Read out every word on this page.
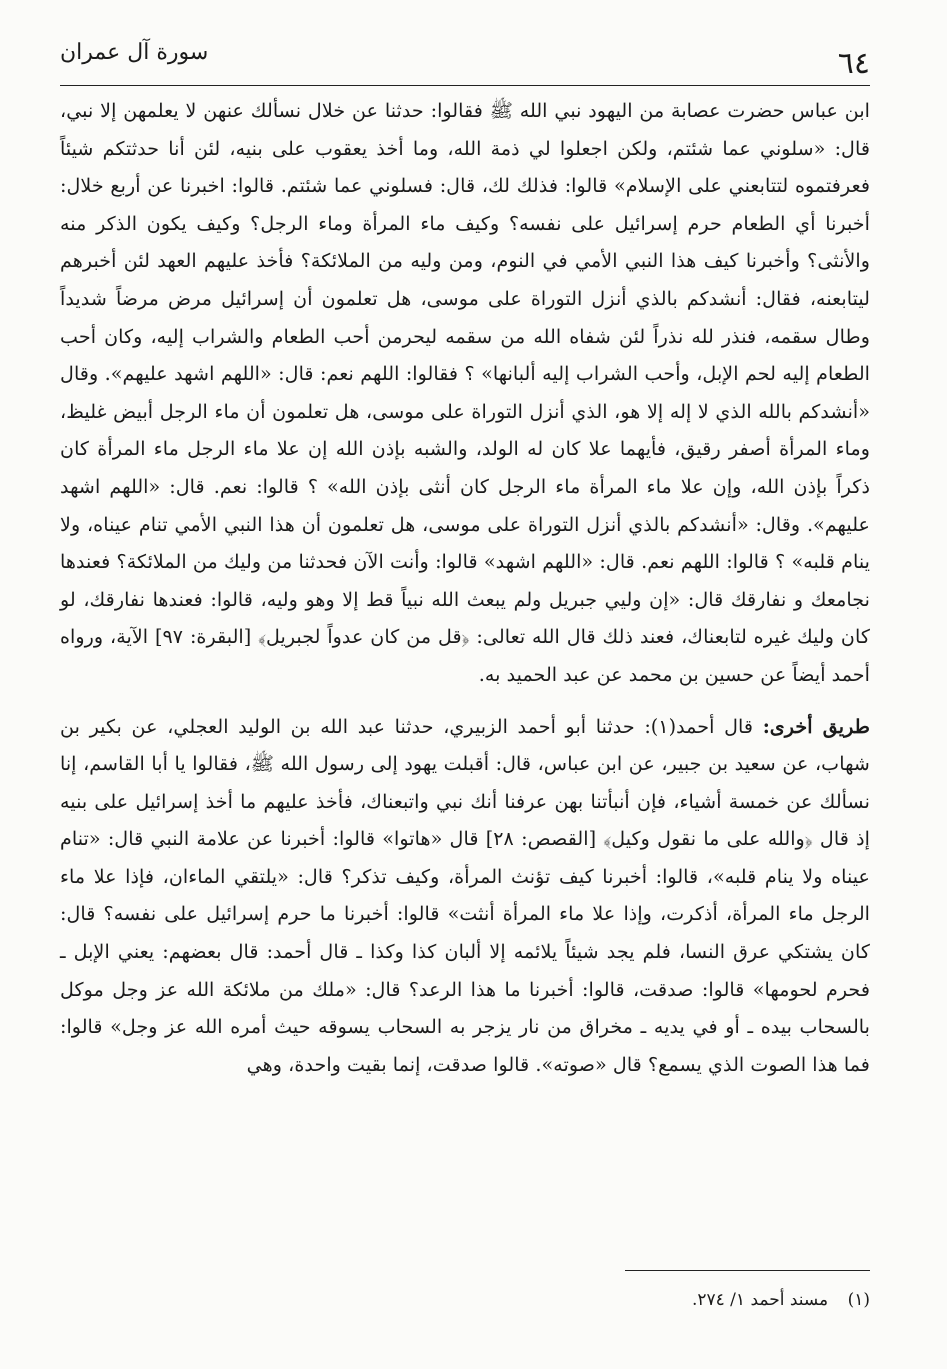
٦٤
سورة آل عمران

ابن عباس حضرت عصابة من اليهود نبي الله ﷺ فقالوا: حدثنا عن خلال نسألك عنهن لا يعلمهن إلا نبي، قال: «سلوني عما شئتم، ولكن اجعلوا لي ذمة الله، وما أخذ يعقوب على بنيه، لئن أنا حدثتكم شيئاً فعرفتموه لتتابعني على الإسلام» قالوا: فذلك لك، قال: فسلوني عما شئتم. قالوا: اخبرنا عن أربع خلال: أخبرنا أي الطعام حرم إسرائيل على نفسه؟ وكيف ماء المرأة وماء الرجل؟ وكيف يكون الذكر منه والأنثى؟ وأخبرنا كيف هذا النبي الأمي في النوم، ومن وليه من الملائكة؟ فأخذ عليهم العهد لئن أخبرهم ليتابعنه، فقال: أنشدكم بالذي أنزل التوراة على موسى، هل تعلمون أن إسرائيل مرض مرضاً شديداً وطال سقمه، فنذر لله نذراً لئن شفاه الله من سقمه ليحرمن أحب الطعام والشراب إليه، وكان أحب الطعام إليه لحم الإبل، وأحب الشراب إليه ألبانها» ؟ فقالوا: اللهم نعم: قال: «اللهم اشهد عليهم». وقال «أنشدكم بالله الذي لا إله إلا هو، الذي أنزل التوراة على موسى، هل تعلمون أن ماء الرجل أبيض غليظ، وماء المرأة أصفر رقيق، فأيهما علا كان له الولد، والشبه بإذن الله إن علا ماء الرجل ماء المرأة كان ذكراً بإذن الله، وإن علا ماء المرأة ماء الرجل كان أنثى بإذن الله» ؟ قالوا: نعم. قال: «اللهم اشهد عليهم». وقال: «أنشدكم بالذي أنزل التوراة على موسى، هل تعلمون أن هذا النبي الأمي تنام عيناه، ولا ينام قلبه» ؟ قالوا: اللهم نعم. قال: «اللهم اشهد» قالوا: وأنت الآن فحدثنا من وليك من الملائكة؟ فعندها نجامعك و نفارقك قال: «إن وليي جبريل ولم يبعث الله نبياً قط إلا وهو وليه، قالوا: فعندها نفارقك، لو كان وليك غيره لتابعناك، فعند ذلك قال الله تعالى: ﴿قل من كان عدواً لجبريل﴾ [البقرة: ٩٧] الآية، ورواه أحمد أيضاً عن حسين بن محمد عن عبد الحميد به.

طريق أخرى: قال أحمد(١): حدثنا أبو أحمد الزبيري، حدثنا عبد الله بن الوليد العجلي، عن بكير بن شهاب، عن سعيد بن جبير، عن ابن عباس، قال: أقبلت يهود إلى رسول الله ﷺ، فقالوا يا أبا القاسم، إنا نسألك عن خمسة أشياء، فإن أنبأتنا بهن عرفنا أنك نبي واتبعناك، فأخذ عليهم ما أخذ إسرائيل على بنيه إذ قال ﴿والله على ما نقول وكيل﴾ [القصص: ٢٨] قال «هاتوا» قالوا: أخبرنا عن علامة النبي قال: «تنام عيناه ولا ينام قلبه»، قالوا: أخبرنا كيف تؤنث المرأة، وكيف تذكر؟ قال: «يلتقي الماءان، فإذا علا ماء الرجل ماء المرأة، أذكرت، وإذا علا ماء المرأة أنثت» قالوا: أخبرنا ما حرم إسرائيل على نفسه؟ قال: كان يشتكي عرق النسا، فلم يجد شيئاً يلائمه إلا ألبان كذا وكذا ـ قال أحمد: قال بعضهم: يعني الإبل ـ فحرم لحومها» قالوا: صدقت، قالوا: أخبرنا ما هذا الرعد؟ قال: «ملك من ملائكة الله عز وجل موكل بالسحاب بيده ـ أو في يديه ـ مخراق من نار يزجر به السحاب يسوقه حيث أمره الله عز وجل» قالوا: فما هذا الصوت الذي يسمع؟ قال «صوته». قالوا صدقت، إنما بقيت واحدة، وهي

(١) مسند أحمد ١/ ٢٧٤.
